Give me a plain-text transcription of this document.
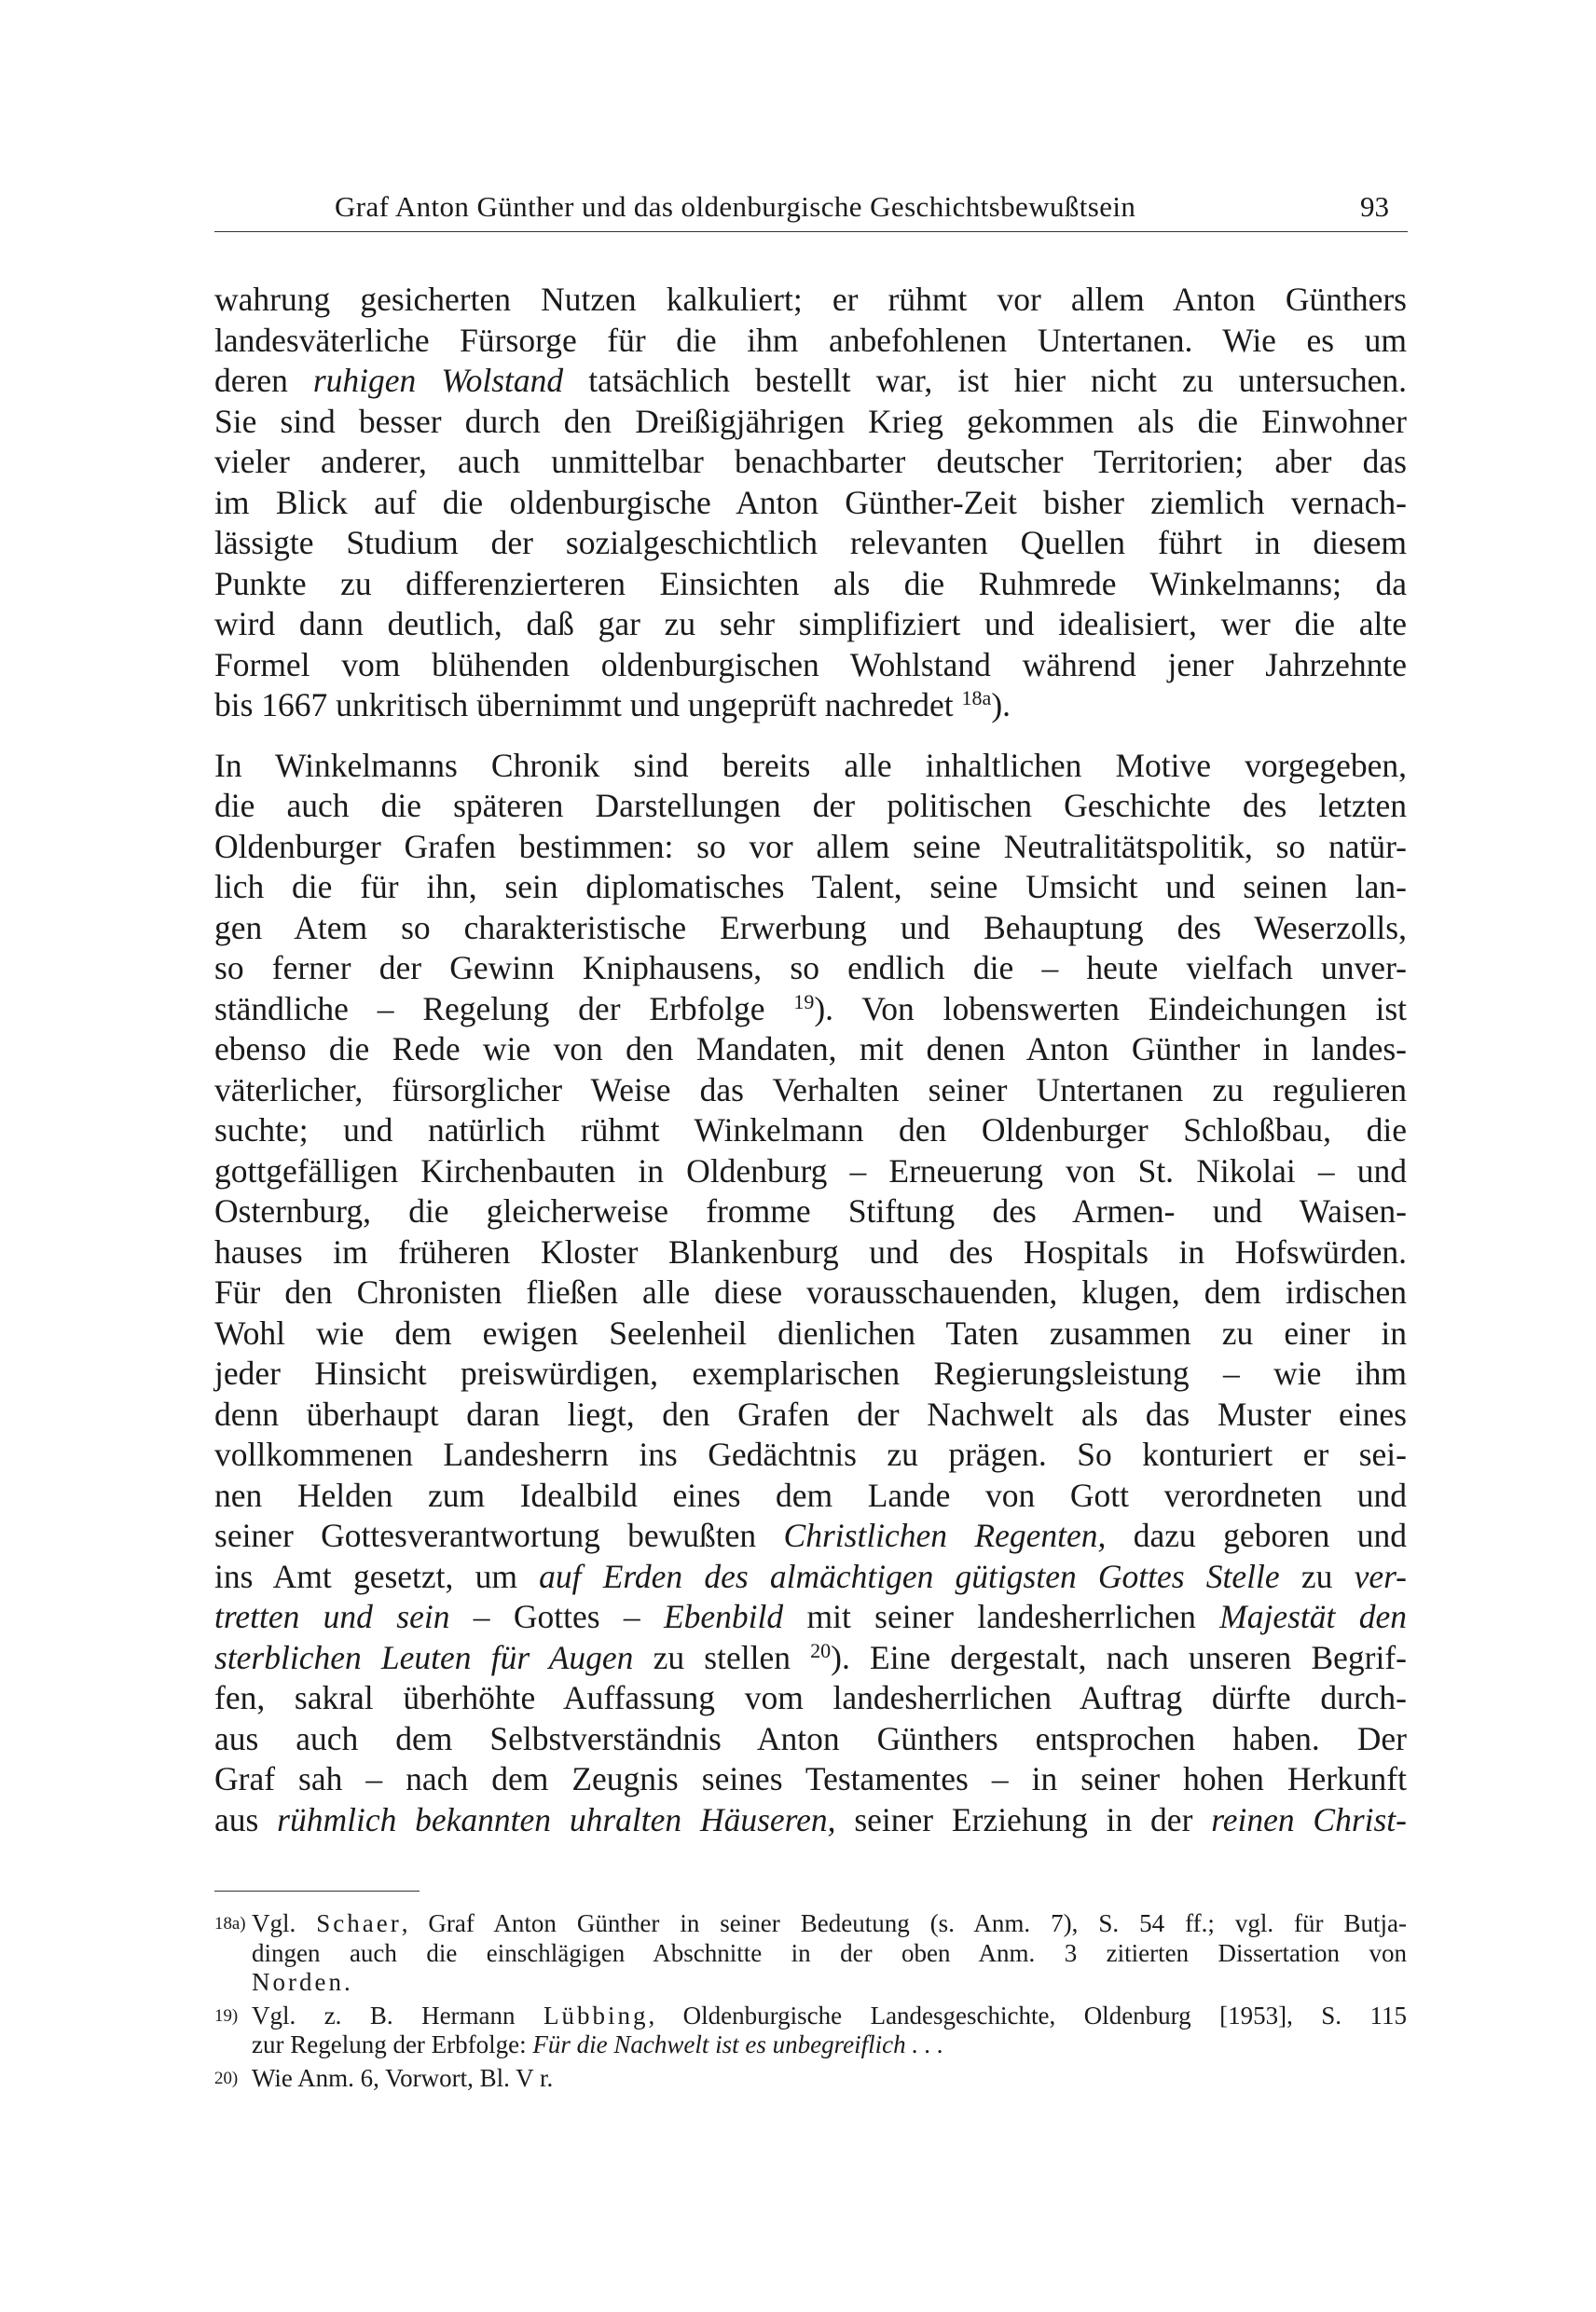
Graf Anton Günther und das oldenburgische Geschichtsbewußtsein	93
wahrung gesicherten Nutzen kalkuliert; er rühmt vor allem Anton Günthers
landesväterliche Fürsorge für die ihm anbefohlenen Untertanen. Wie es um
deren ruhigen Wolstand tatsächlich bestellt war, ist hier nicht zu untersuchen.
Sie sind besser durch den Dreißigjährigen Krieg gekommen als die Einwohner
vieler anderer, auch unmittelbar benachbarter deutscher Territorien; aber das
im Blick auf die oldenburgische Anton Günther-Zeit bisher ziemlich vernach-
lässigte Studium der sozialgeschichtlich relevanten Quellen führt in diesem
Punkte zu differenzierteren Einsichten als die Ruhmrede Winkelmanns; da
wird dann deutlich, daß gar zu sehr simplifiziert und idealisiert, wer die alte
Formel vom blühenden oldenburgischen Wohlstand während jener Jahrzehnte
bis 1667 unkritisch übernimmt und ungeprüft nachredet $^{18a}$).
In Winkelmanns Chronik sind bereits alle inhaltlichen Motive vorgegeben,
die auch die späteren Darstellungen der politischen Geschichte des letzten
Oldenburger Grafen bestimmen: so vor allem seine Neutralitätspolitik, so natür-
lich die für ihn, sein diplomatisches Talent, seine Umsicht und seinen lan-
gen Atem so charakteristische Erwerbung und Behauptung des Weserzolls,
so ferner der Gewinn Kniphausens, so endlich die – heute vielfach unver-
ständliche – Regelung der Erbfolge $^{19}$). Von lobenswerten Eindeichungen ist
ebenso die Rede wie von den Mandaten, mit denen Anton Günther in landes-
väterlicher, fürsorglicher Weise das Verhalten seiner Untertanen zu regulieren
suchte; und natürlich rühmt Winkelmann den Oldenburger Schloßbau, die
gottgefälligen Kirchenbauten in Oldenburg – Erneuerung von St. Nikolai – und
Osternburg, die gleicherweise fromme Stiftung des Armen- und Waisen-
hauses im früheren Kloster Blankenburg und des Hospitals in Hofswürden.
Für den Chronisten fließen alle diese vorausschauenden, klugen, dem irdischen
Wohl wie dem ewigen Seelenheil dienlichen Taten zusammen zu einer in
jeder Hinsicht preiswürdigen, exemplarischen Regierungsleistung – wie ihm
denn überhaupt daran liegt, den Grafen der Nachwelt als das Muster eines
vollkommenen Landesherrn ins Gedächtnis zu prägen. So konturiert er sei-
nen Helden zum Idealbild eines dem Lande von Gott verordneten und
seiner Gottesverantwortung bewußten Christlichen Regenten, dazu geboren und
ins Amt gesetzt, um auf Erden des almächtigen gütigsten Gottes Stelle zu ver-
tretten und sein – Gottes – Ebenbild mit seiner landesherrlichen Majestät den
sterblichen Leuten für Augen zu stellen $^{20}$). Eine dergestalt, nach unseren Begrif-
fen, sakral überhöhte Auffassung vom landesherrlichen Auftrag dürfte durch-
aus auch dem Selbstverständnis Anton Günthers entsprochen haben. Der
Graf sah – nach dem Zeugnis seines Testamentes – in seiner hohen Herkunft
aus rühmlich bekannten uhralten Häuseren, seiner Erziehung in der reinen Christ-
18a) Vgl. Schaer, Graf Anton Günther in seiner Bedeutung (s. Anm. 7), S. 54 ff.; vgl. für Butja-
dingen auch die einschlägigen Abschnitte in der oben Anm. 3 zitierten Dissertation von
Norden.
19) Vgl. z. B. Hermann Lübbing, Oldenburgische Landesgeschichte, Oldenburg [1953], S. 115
zur Regelung der Erbfolge: Für die Nachwelt ist es unbegreiflich . . .
20) Wie Anm. 6, Vorwort, Bl. V r.
